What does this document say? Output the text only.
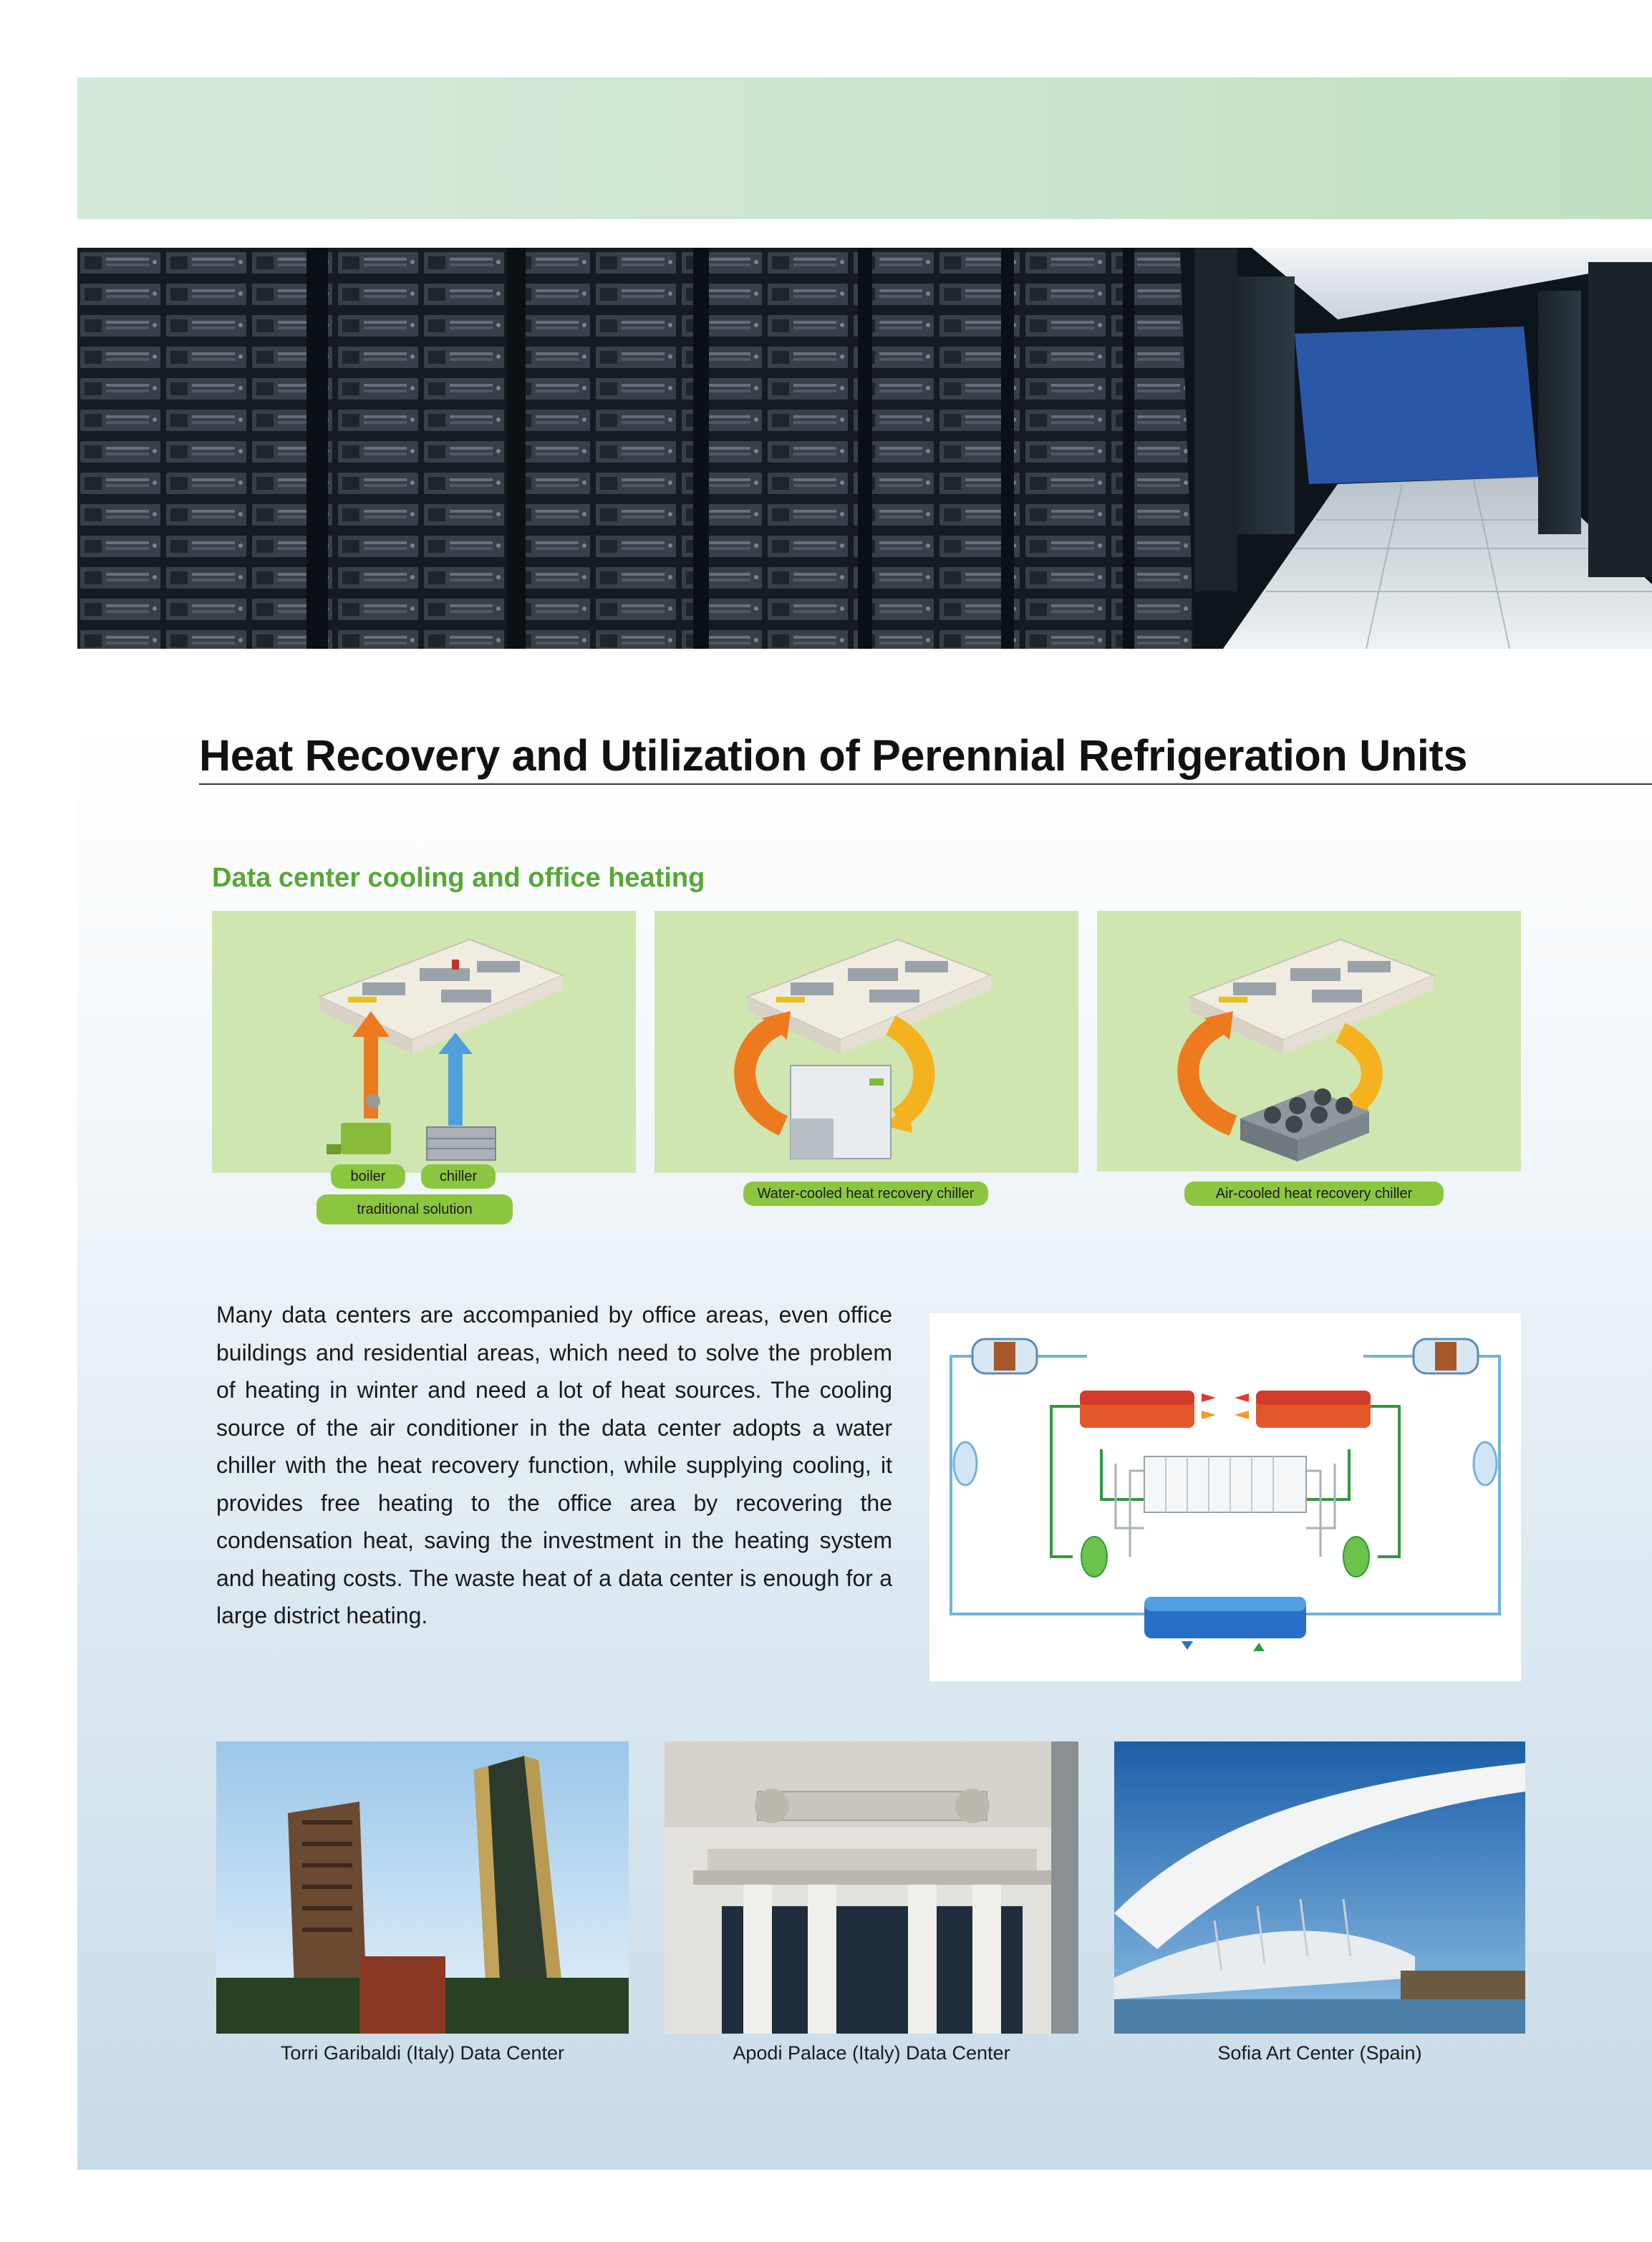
Heat Recovery and Utilization of Perennial Refrigeration Units
Data center cooling and office heating
boiler	chiller
traditional solution
Water-cooled heat recovery chiller	Air-cooled heat recovery chiller
Many data centers are accompanied by office areas, even office buildings and residential areas, which need to solve the problem of heating in winter and need a lot of heat sources. The cooling source of the air conditioner in the data center adopts a water chiller with the heat recovery function, while supplying cooling, it provides free heating to the office area by recovering the condensation heat, saving the investment in the heating system and heating costs. The waste heat of a data center is enough for a large district heating.
Torri Garibaldi (Italy) Data Center	Apodi Palace (Italy) Data Center	Sofia Art Center (Spain)
